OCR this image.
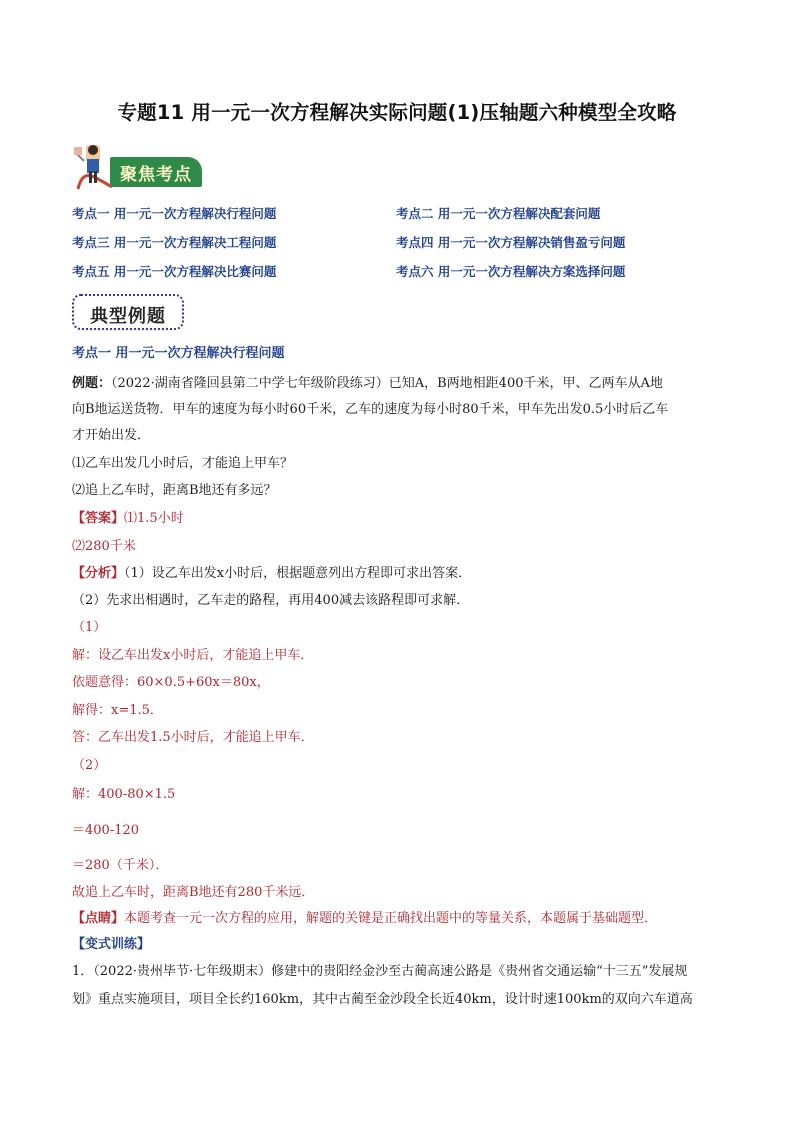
专题11 用一元一次方程解决实际问题(1)压轴题六种模型全攻略
聚焦考点
考点一 用一元一次方程解决行程问题	考点二 用一元一次方程解决配套问题
考点三 用一元一次方程解决工程问题	考点四 用一元一次方程解决销售盈亏问题
考点五 用一元一次方程解决比赛问题	考点六 用一元一次方程解决方案选择问题
典型例题
考点一 用一元一次方程解决行程问题
例题：（2022·湖南省隆回县第二中学七年级阶段练习）已知A，B两地相距400千米，甲、乙两车从A地
向B地运送货物．甲车的速度为每小时60千米，乙车的速度为每小时80千米，甲车先出发0.5小时后乙车
才开始出发．
⑴乙车出发几小时后，才能追上甲车？
⑵追上乙车时，距离B地还有多远？
【答案】⑴1.5小时
⑵280千米
【分析】（1）设乙车出发x小时后，根据题意列出方程即可求出答案．
（2）先求出相遇时，乙车走的路程，再用400减去该路程即可求解．
（1）
解：设乙车出发x小时后，才能追上甲车．
依题意得：60×0.5+60x＝80x，
解得：x=1.5．
答：乙车出发1.5小时后，才能追上甲车．
（2）
解：400-80×1.5
＝400-120
＝280（千米）．
故追上乙车时，距离B地还有280千米远．
【点睛】本题考查一元一次方程的应用，解题的关键是正确找出题中的等量关系，本题属于基础题型．
【变式训练】
1．（2022·贵州毕节·七年级期末）修建中的贵阳经金沙至古蔺高速公路是《贵州省交通运输“十三五”发展规
划》重点实施项目，项目全长约160km，其中古蔺至金沙段全长近40km，设计时速100km的双向六车道高
